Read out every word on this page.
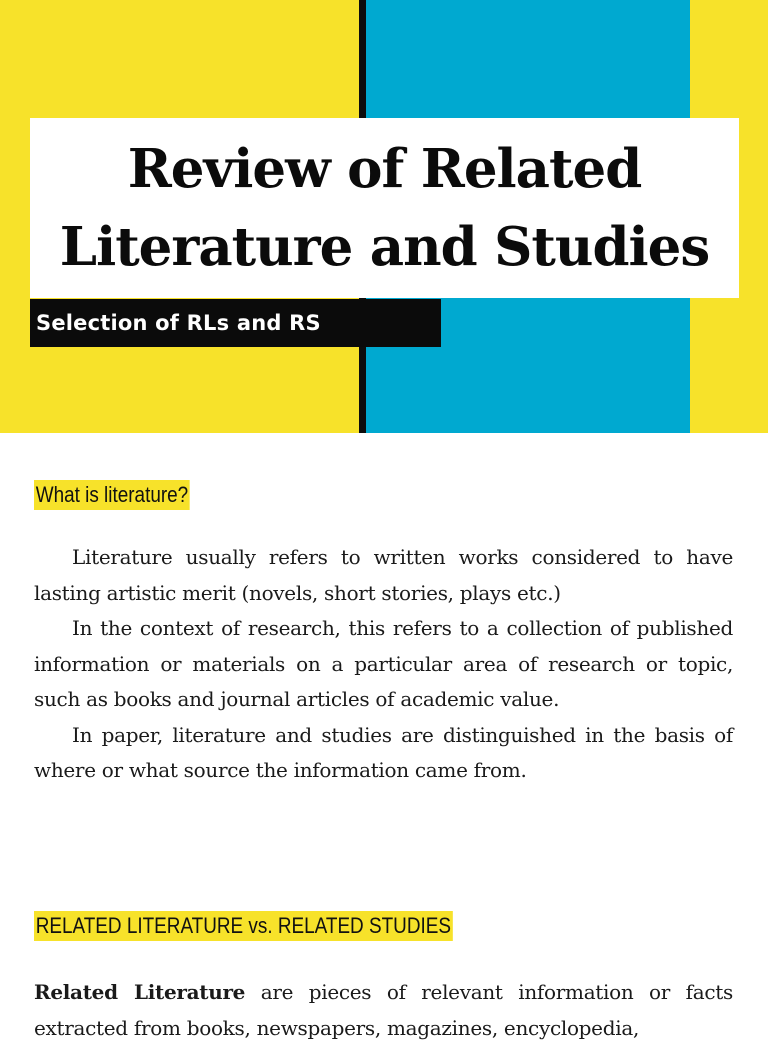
Review of Related
Literature and Studies
Selection of RLs and RS
What is literature?

Literature usually refers to written works considered to have lasting artistic merit (novels, short stories, plays etc.)

In the context of research, this refers to a collection of published information or materials on a particular area of research or topic, such as books and journal articles of academic value.

In paper, literature and studies are distinguished in the basis of where or what source the information came from.

RELATED LITERATURE vs. RELATED STUDIES

Related Literature are pieces of relevant information or facts extracted from books, newspapers, magazines, encyclopedia,
